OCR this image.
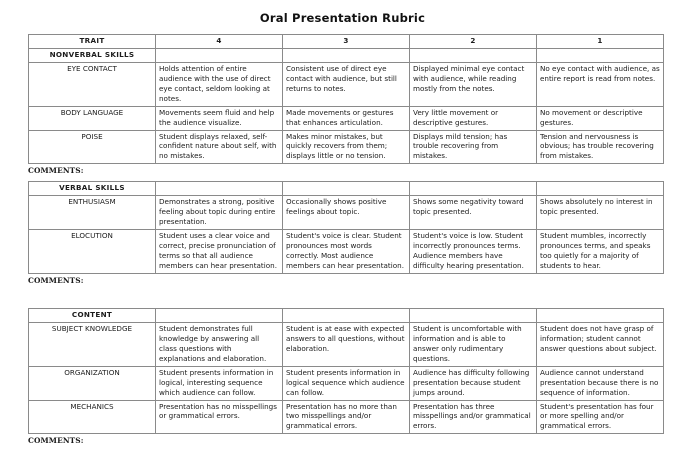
Oral Presentation Rubric
TRAIT	4	3	2	1
NONVERBAL SKILLS				
EYE CONTACT	Holds attention of entire audience with the use of direct eye contact, seldom looking at notes.	Consistent use of direct eye contact with audience, but still returns to notes.	Displayed minimal eye contact with audience, while reading mostly from the notes.	No eye contact with audience, as entire report is read from notes.
BODY LANGUAGE	Movements seem fluid and help the audience visualize.	Made movements or gestures that enhances articulation.	Very little movement or descriptive gestures.	No movement or descriptive gestures.
POISE	Student displays relaxed, self-confident nature about self, with no mistakes.	Makes minor mistakes, but quickly recovers from them; displays little or no tension.	Displays mild tension; has trouble recovering from mistakes.	Tension and nervousness is obvious; has trouble recovering from mistakes.
COMMENTS:
VERBAL SKILLS				
ENTHUSIASM	Demonstrates a strong, positive feeling about topic during entire presentation.	Occasionally shows positive feelings about topic.	Shows some negativity toward topic presented.	Shows absolutely no interest in topic presented.
ELOCUTION	Student uses a clear voice and correct, precise pronunciation of terms so that all audience members can hear presentation.	Student's voice is clear. Student pronounces most words correctly. Most audience members can hear presentation.	Student's voice is low. Student incorrectly pronounces terms. Audience members have difficulty hearing presentation.	Student mumbles, incorrectly pronounces terms, and speaks too quietly for a majority of students to hear.
COMMENTS:
CONTENT				
SUBJECT KNOWLEDGE	Student demonstrates full knowledge by answering all class questions with explanations and elaboration.	Student is at ease with expected answers to all questions, without elaboration.	Student is uncomfortable with information and is able to answer only rudimentary questions.	Student does not have grasp of information; student cannot answer questions about subject.
ORGANIZATION	Student presents information in logical, interesting sequence which audience can follow.	Student presents information in logical sequence which audience can follow.	Audience has difficulty following presentation because student jumps around.	Audience cannot understand presentation because there is no sequence of information.
MECHANICS	Presentation has no misspellings or grammatical errors.	Presentation has no more than two misspellings and/or grammatical errors.	Presentation has three misspellings and/or grammatical errors.	Student's presentation has four or more spelling and/or grammatical errors.
COMMENTS:
